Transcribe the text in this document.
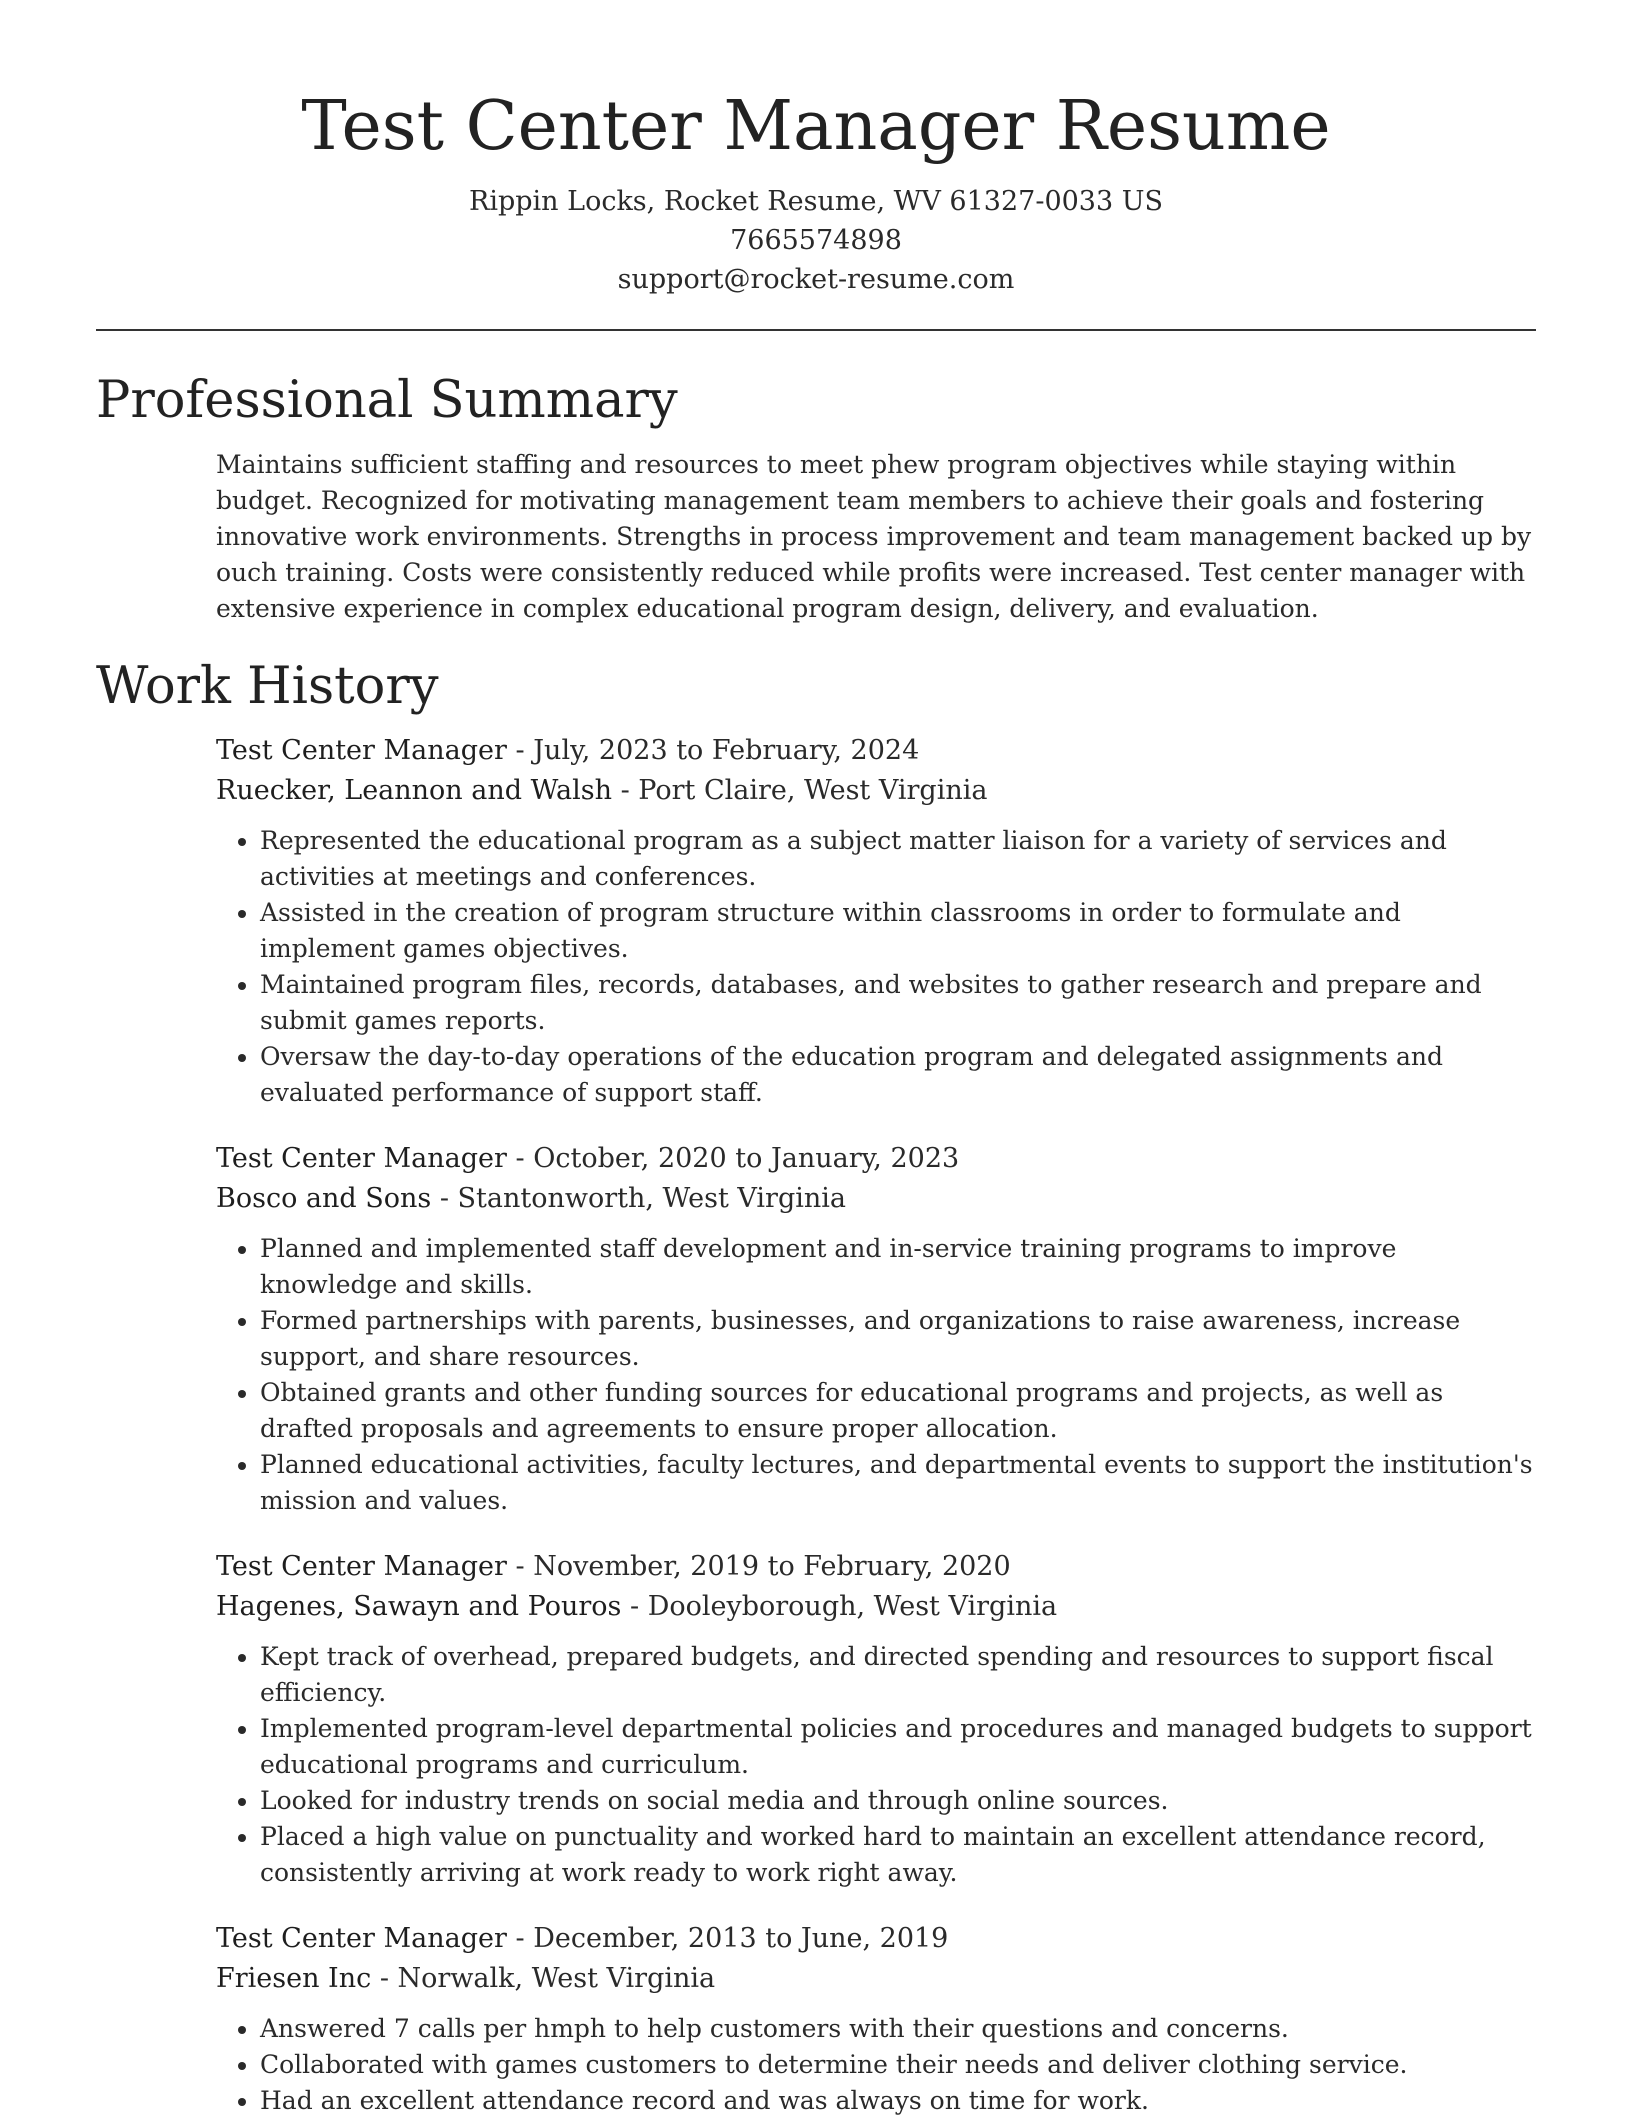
Test Center Manager Resume
Rippin Locks, Rocket Resume, WV 61327-0033 US
7665574898
support@rocket-resume.com
Professional Summary
Maintains sufficient staffing and resources to meet phew program objectives while staying within budget. Recognized for motivating management team members to achieve their goals and fostering innovative work environments. Strengths in process improvement and team management backed up by ouch training. Costs were consistently reduced while profits were increased. Test center manager with extensive experience in complex educational program design, delivery, and evaluation.
Work History
Test Center Manager - July, 2023 to February, 2024
Ruecker, Leannon and Walsh - Port Claire, West Virginia
• Represented the educational program as a subject matter liaison for a variety of services and activities at meetings and conferences.
• Assisted in the creation of program structure within classrooms in order to formulate and implement games objectives.
• Maintained program files, records, databases, and websites to gather research and prepare and submit games reports.
• Oversaw the day-to-day operations of the education program and delegated assignments and evaluated performance of support staff.
Test Center Manager - October, 2020 to January, 2023
Bosco and Sons - Stantonworth, West Virginia
• Planned and implemented staff development and in-service training programs to improve knowledge and skills.
• Formed partnerships with parents, businesses, and organizations to raise awareness, increase support, and share resources.
• Obtained grants and other funding sources for educational programs and projects, as well as drafted proposals and agreements to ensure proper allocation.
• Planned educational activities, faculty lectures, and departmental events to support the institution's mission and values.
Test Center Manager - November, 2019 to February, 2020
Hagenes, Sawayn and Pouros - Dooleyborough, West Virginia
• Kept track of overhead, prepared budgets, and directed spending and resources to support fiscal efficiency.
• Implemented program-level departmental policies and procedures and managed budgets to support educational programs and curriculum.
• Looked for industry trends on social media and through online sources.
• Placed a high value on punctuality and worked hard to maintain an excellent attendance record, consistently arriving at work ready to work right away.
Test Center Manager - December, 2013 to June, 2019
Friesen Inc - Norwalk, West Virginia
• Answered 7 calls per hmph to help customers with their questions and concerns.
• Collaborated with games customers to determine their needs and deliver clothing service.
• Had an excellent attendance record and was always on time for work.
